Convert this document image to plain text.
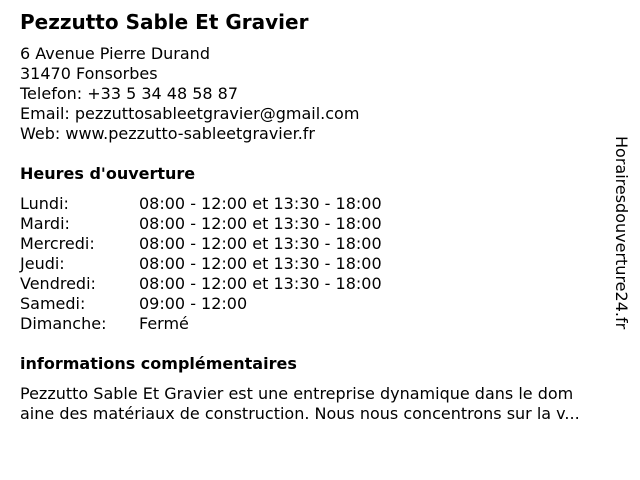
Pezzutto Sable Et Gravier
6 Avenue Pierre Durand
31470 Fonsorbes
Telefon: +33 5 34 48 58 87
Email: pezzuttosableetgravier@gmail.com
Web: www.pezzutto-sableetgravier.fr
Heures d'ouverture
Lundi:	08:00 - 12:00 et 13:30 - 18:00
Mardi:	08:00 - 12:00 et 13:30 - 18:00
Mercredi:	08:00 - 12:00 et 13:30 - 18:00
Jeudi:	08:00 - 12:00 et 13:30 - 18:00
Vendredi:	08:00 - 12:00 et 13:30 - 18:00
Samedi:	09:00 - 12:00
Dimanche: Fermé
informations complémentaires
Pezzutto Sable Et Gravier est une entreprise dynamique dans le dom
aine des matériaux de construction. Nous nous concentrons sur la v...
Horairesdouverture24.fr
